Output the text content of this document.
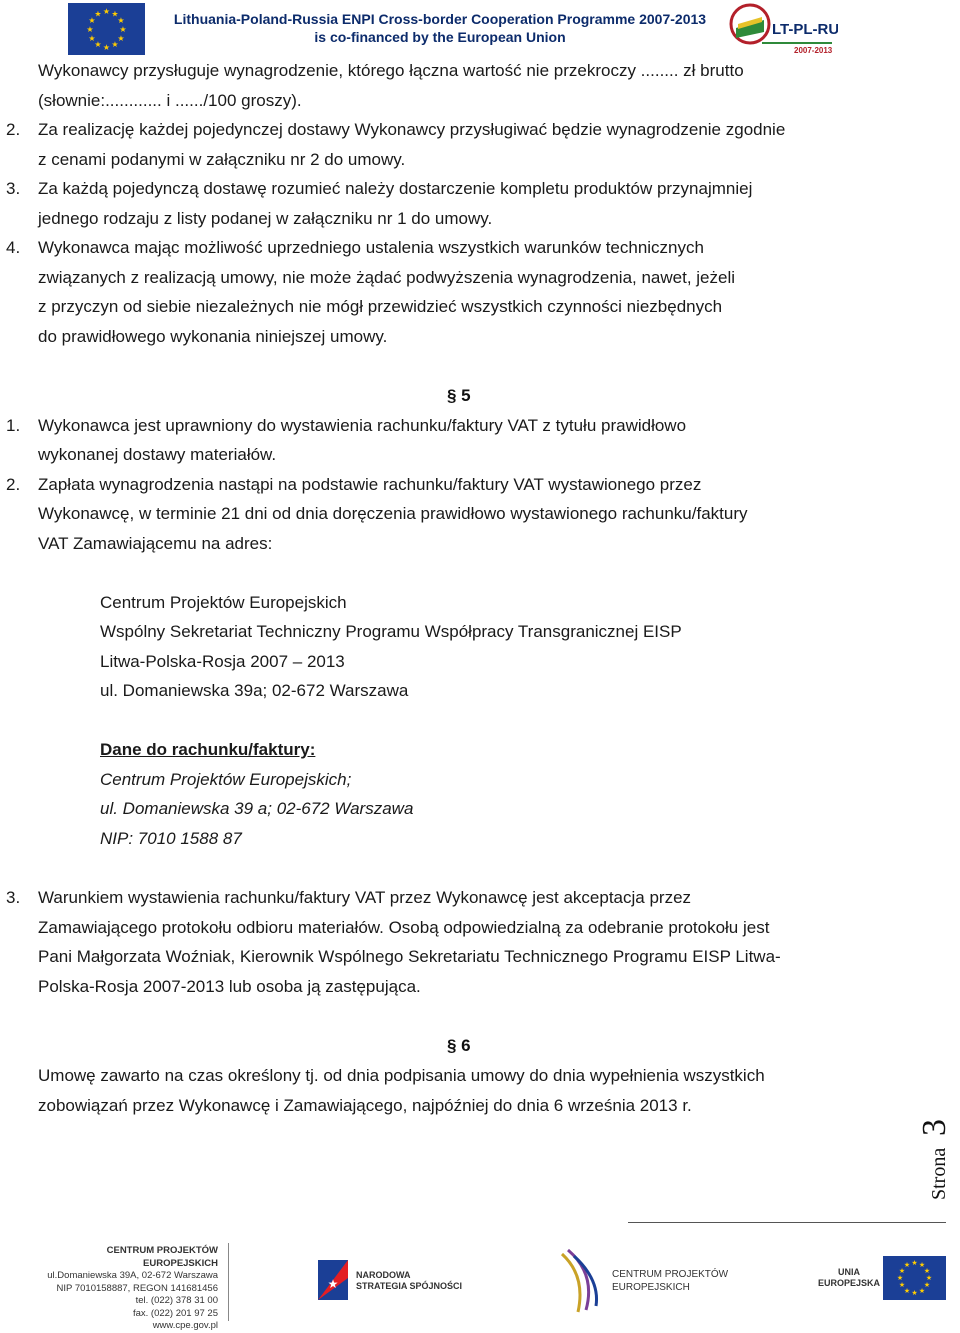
★ ★
★
★
★
★
★
★
★
★
★
★	Lithuania-Poland-Russia ENPI Cross-border Cooperation Programme 2007-2013
is co-financed by the European Union	LT-PL-RU
2007-2013
Wykonawcy przysługuje wynagrodzenie, którego łączna wartość nie przekroczy ........ zł brutto
(słownie:............ i ....../100 groszy).
2. Za realizację każdej pojedynczej dostawy Wykonawcy przysługiwać będzie wynagrodzenie zgodnie
z cenami podanymi w załączniku nr 2 do umowy.
3. Za każdą pojedynczą dostawę rozumieć należy dostarczenie kompletu produktów przynajmniej
jednego rodzaju z listy podanej w załączniku nr 1 do umowy.
4. Wykonawca mając możliwość uprzedniego ustalenia wszystkich warunków technicznych
związanych z realizacją umowy, nie może żądać podwyższenia wynagrodzenia, nawet, jeżeli
z przyczyn od siebie niezależnych nie mógł przewidzieć wszystkich czynności niezbędnych
do prawidłowego wykonania niniejszej umowy.
§ 5
1. Wykonawca jest uprawniony do wystawienia rachunku/faktury VAT z tytułu prawidłowo
wykonanej dostawy materiałów.
2. Zapłata wynagrodzenia nastąpi na podstawie rachunku/faktury VAT wystawionego przez
Wykonawcę, w terminie 21 dni od dnia doręczenia prawidłowo wystawionego rachunku/faktury
VAT Zamawiającemu na adres:
Centrum Projektów Europejskich
Wspólny Sekretariat Techniczny Programu Współpracy Transgranicznej EISP
Litwa-Polska-Rosja 2007 – 2013
ul. Domaniewska 39a; 02-672 Warszawa
Dane do rachunku/faktury:
Centrum Projektów Europejskich;
ul. Domaniewska 39 a; 02-672 Warszawa
NIP: 7010 1588 87
3. Warunkiem wystawienia rachunku/faktury VAT przez Wykonawcę jest akceptacja przez
Zamawiającego protokołu odbioru materiałów. Osobą odpowiedzialną za odebranie protokołu jest
Pani Małgorzata Woźniak, Kierownik Wspólnego Sekretariatu Technicznego Programu EISP Litwa-
Polska-Rosja 2007-2013 lub osoba ją zastępująca.
§ 6
Umowę zawarto na czas określony tj. od dnia podpisania umowy do dnia wypełnienia wszystkich
zobowiązań przez Wykonawcę i Zamawiającego, najpóźniej do dnia 6 września 2013 r.
Strona
3
CENTRUM PROJEKTÓW EUROPEJSKICH
ul.Domaniewska 39A, 02-672 Warszawa
NIP 7010158887, REGON 141681456
tel. (022) 378 31 00
fax. (022) 201 97 25
www.cpe.gov.pl
★
NARODOWA
STRATEGIA SPÓJNOŚCI
CENTRUM PROJEKTÓW
EUROPEJSKICH
UNIA
EUROPEJSKA
★ ★
★
★
★
★
★
★
★
★
★
★
